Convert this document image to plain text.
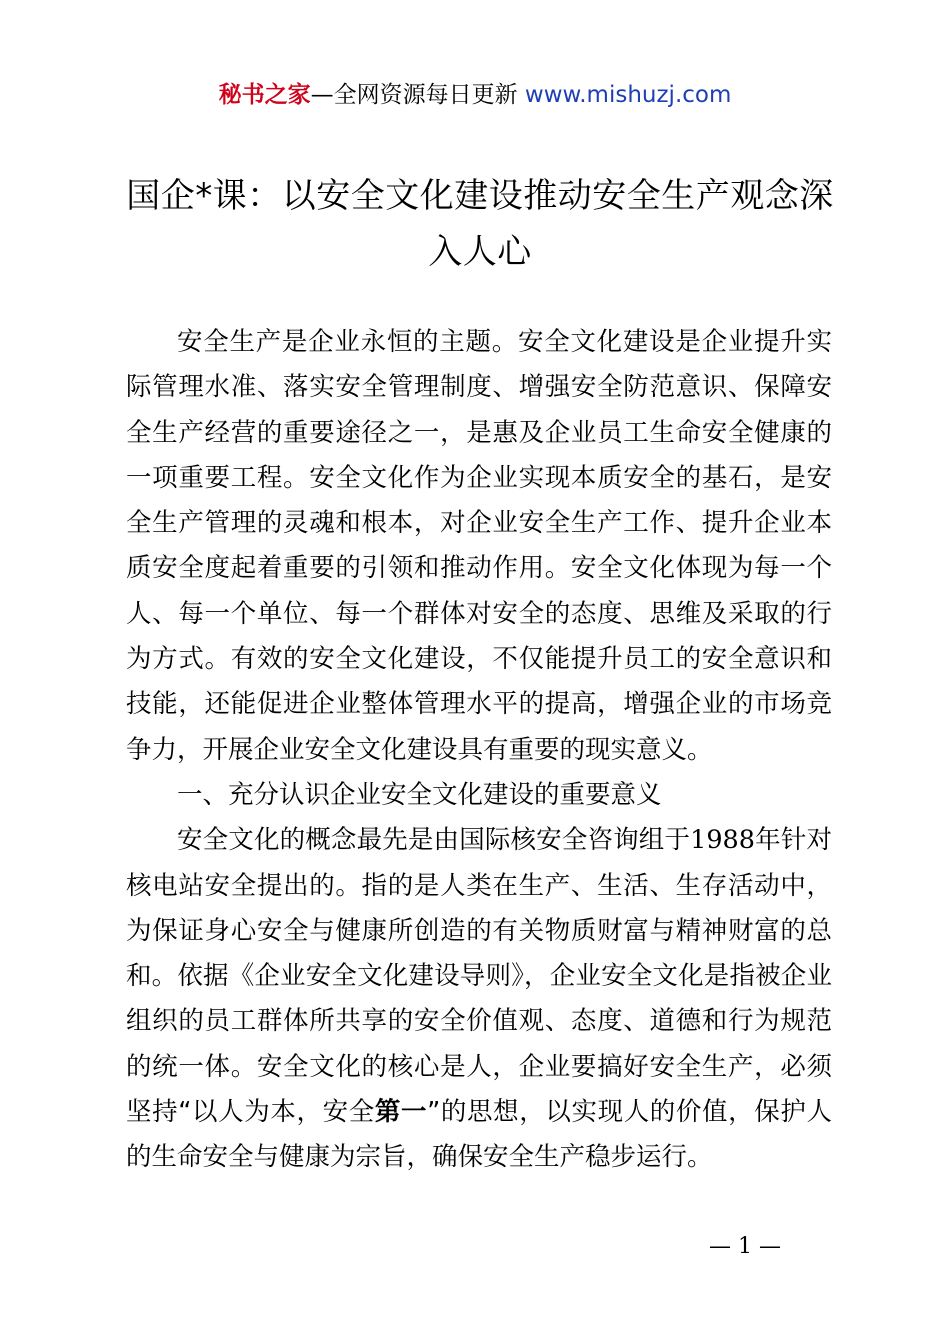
秘书之家—全网资源每日更新 www.mishuzj.com
国企*课：以安全文化建设推动安全生产观念深入人心

安全生产是企业永恒的主题。安全文化建设是企业提升实际管理水准、落实安全管理制度、增强安全防范意识、保障安全生产经营的重要途径之一，是惠及企业员工生命安全健康的一项重要工程。安全文化作为企业实现本质安全的基石，是安全生产管理的灵魂和根本，对企业安全生产工作、提升企业本质安全度起着重要的引领和推动作用。安全文化体现为每一个人、每一个单位、每一个群体对安全的态度、思维及采取的行为方式。有效的安全文化建设，不仅能提升员工的安全意识和技能，还能促进企业整体管理水平的提高，增强企业的市场竞争力，开展企业安全文化建设具有重要的现实意义。

一、充分认识企业安全文化建设的重要意义

安全文化的概念最先是由国际核安全咨询组于1988年针对核电站安全提出的。指的是人类在生产、生活、生存活动中，为保证身心安全与健康所创造的有关物质财富与精神财富的总和。依据《企业安全文化建设导则》，企业安全文化是指被企业组织的员工群体所共享的安全价值观、态度、道德和行为规范的统一体。安全文化的核心是人，企业要搞好安全生产，必须坚持“以人为本，安全第一”的思想，以实现人的价值，保护人的生命安全与健康为宗旨，确保安全生产稳步运行。

— 1 —
